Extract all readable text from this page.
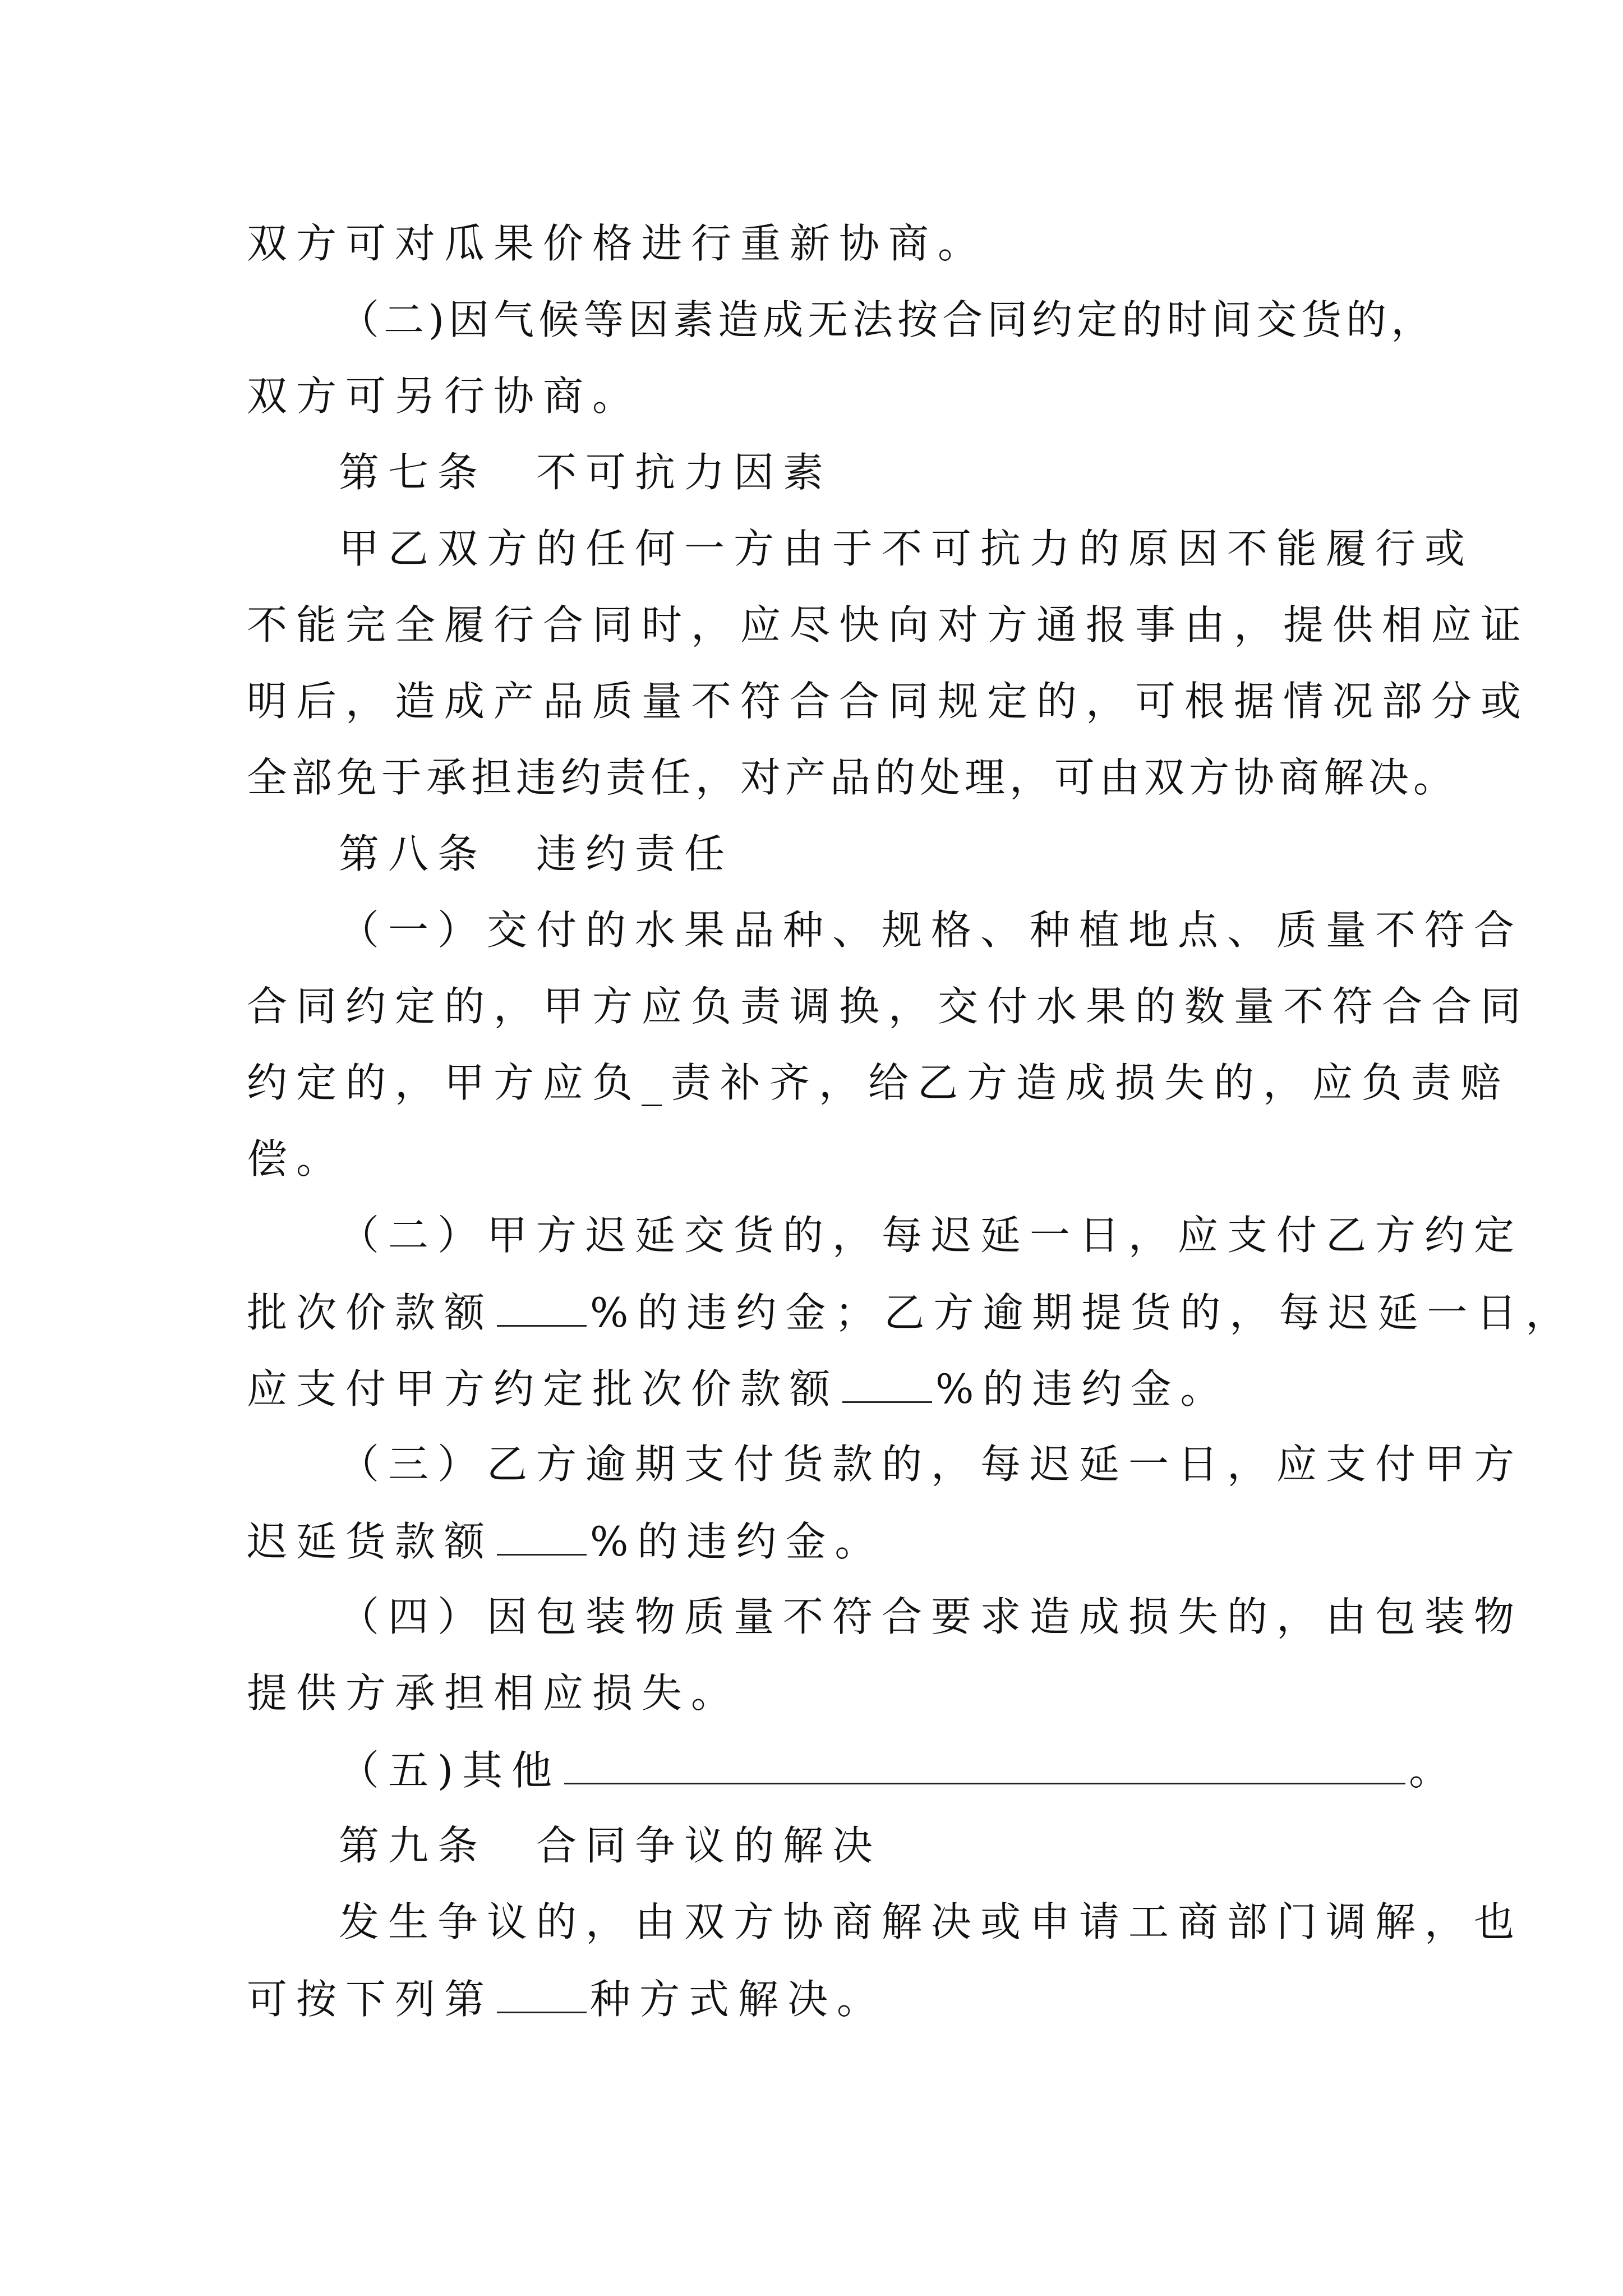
双方可对瓜果价格进行重新协商。
（二)因气候等因素造成无法按合同约定的时间交货的，
双方可另行协商。
第七条　不可抗力因素
甲乙双方的任何一方由于不可抗力的原因不能履行或
不能完全履行合同时，应尽快向对方通报事由，提供相应证
明后，造成产品质量不符合合同规定的，可根据情况部分或
全部免于承担违约责任，对产品的处理，可由双方协商解决。
第八条　违约责任
（一）交付的水果品种、规格、种植地点、质量不符合
合同约定的，甲方应负责调换，交付水果的数量不符合合同
约定的，甲方应负_责补齐，给乙方造成损失的，应负责赔
偿。
（二）甲方迟延交货的，每迟延一日，应支付乙方约定
批次价款额 %的违约金；乙方逾期提货的，每迟延一日，
应支付甲方约定批次价款额 %的违约金。
（三）乙方逾期支付货款的，每迟延一日，应支付甲方
迟延货款额 %的违约金。
（四）因包装物质量不符合要求造成损失的，由包装物
提供方承担相应损失。
（五)其他	。
第九条　合同争议的解决
发生争议的，由双方协商解决或申请工商部门调解，也
可按下列第 种方式解决。
